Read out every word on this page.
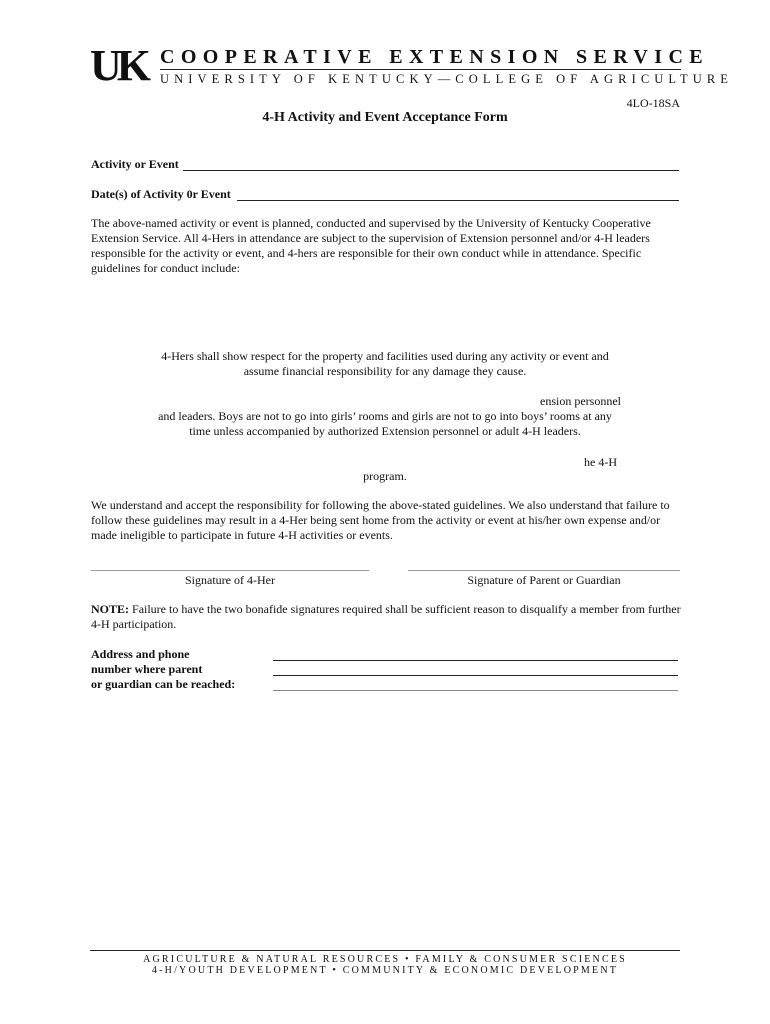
UK COOPERATIVE EXTENSION SERVICE
UNIVERSITY OF KENTUCKY—COLLEGE OF AGRICULTURE
4LO-18SA
4-H Activity and Event Acceptance Form
Activity or Event
Date(s) of Activity 0r Event
The above-named activity or event is planned, conducted and supervised by the University of Kentucky Cooperative Extension Service. All 4-Hers in attendance are subject to the supervision of Extension personnel and/or 4-H leaders responsible for the activity or event, and 4-hers are responsible for their own conduct while in attendance. Specific guidelines for conduct include:
4-Hers shall show respect for the property and facilities used during any activity or event and
assume financial responsibility for any damage they cause.
ension personnel
and leaders. Boys are not to go into girls’ rooms and girls are not to go into boys’ rooms at any
time unless accompanied by authorized Extension personnel or adult 4-H leaders.
he 4-H
program.
We understand and accept the responsibility for following the above-stated guidelines. We also understand that failure to follow these guidelines may result in a 4-Her being sent home from the activity or event at his/her own expense and/or made ineligible to participate in future 4-H activities or events.
Signature of 4-Her	Signature of Parent or Guardian
NOTE: Failure to have the two bonafide signatures required shall be sufficient reason to disqualify a member from further 4-H participation.
Address and phone
number where parent
or guardian can be reached:
AGRICULTURE & NATURAL RESOURCES • FAMILY & CONSUMER SCIENCES
4-H/YOUTH DEVELOPMENT • COMMUNITY & ECONOMIC DEVELOPMENT
